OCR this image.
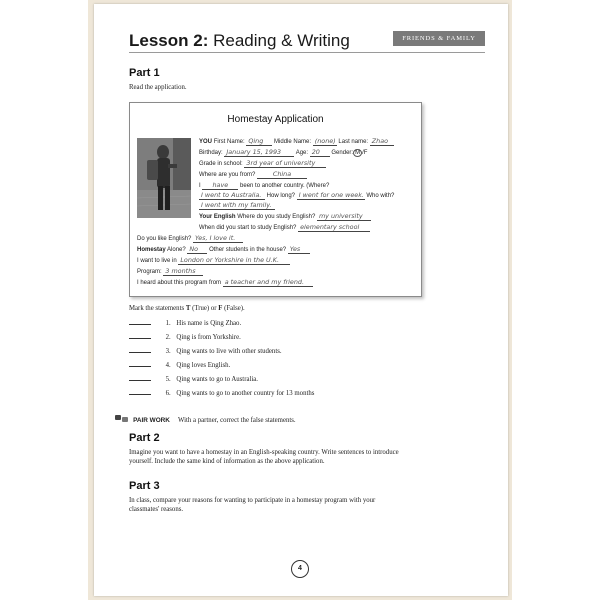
Lesson 2: Reading & Writing	FRIENDS & FAMILY
Part 1
Read the application.
Homestay Application
YOU First Name: Qing Middle Name: (none) Last name: Zhao
Birthday: January 15, 1993 Age: 20 Gender: M /F
Grade in school: 3rd year of university
Where are you from?	China
I have been to another country. (Where?
I went to Australia. How long? I went for one week. Who with?
I went with my family.
Your English Where do you study English? my university
When did you start to study English? elementary school
Do you like English? Yes, I love it.
Homestay Alone? No Other students in the house? Yes
I want to live in London or Yorkshire in the U.K.
Program: 3 months
I heard about this program from a teacher and my friend.
Mark the statements T (True) or F (False).
1. His name is Qing Zhao.
2. Qing is from Yorkshire.
3. Qing wants to live with other students.
4. Qing loves English.
5. Qing wants to go to Australia.
6. Qing wants to go to another country for 13 months
PAIR WORK With a partner, correct the false statements.
Part 2
Imagine you want to have a homestay in an English-speaking country. Write sentences to introduce
yourself. Include the same kind of information as the above application.
Part 3
In class, compare your reasons for wanting to participate in a homestay program with your
classmates' reasons.
4
